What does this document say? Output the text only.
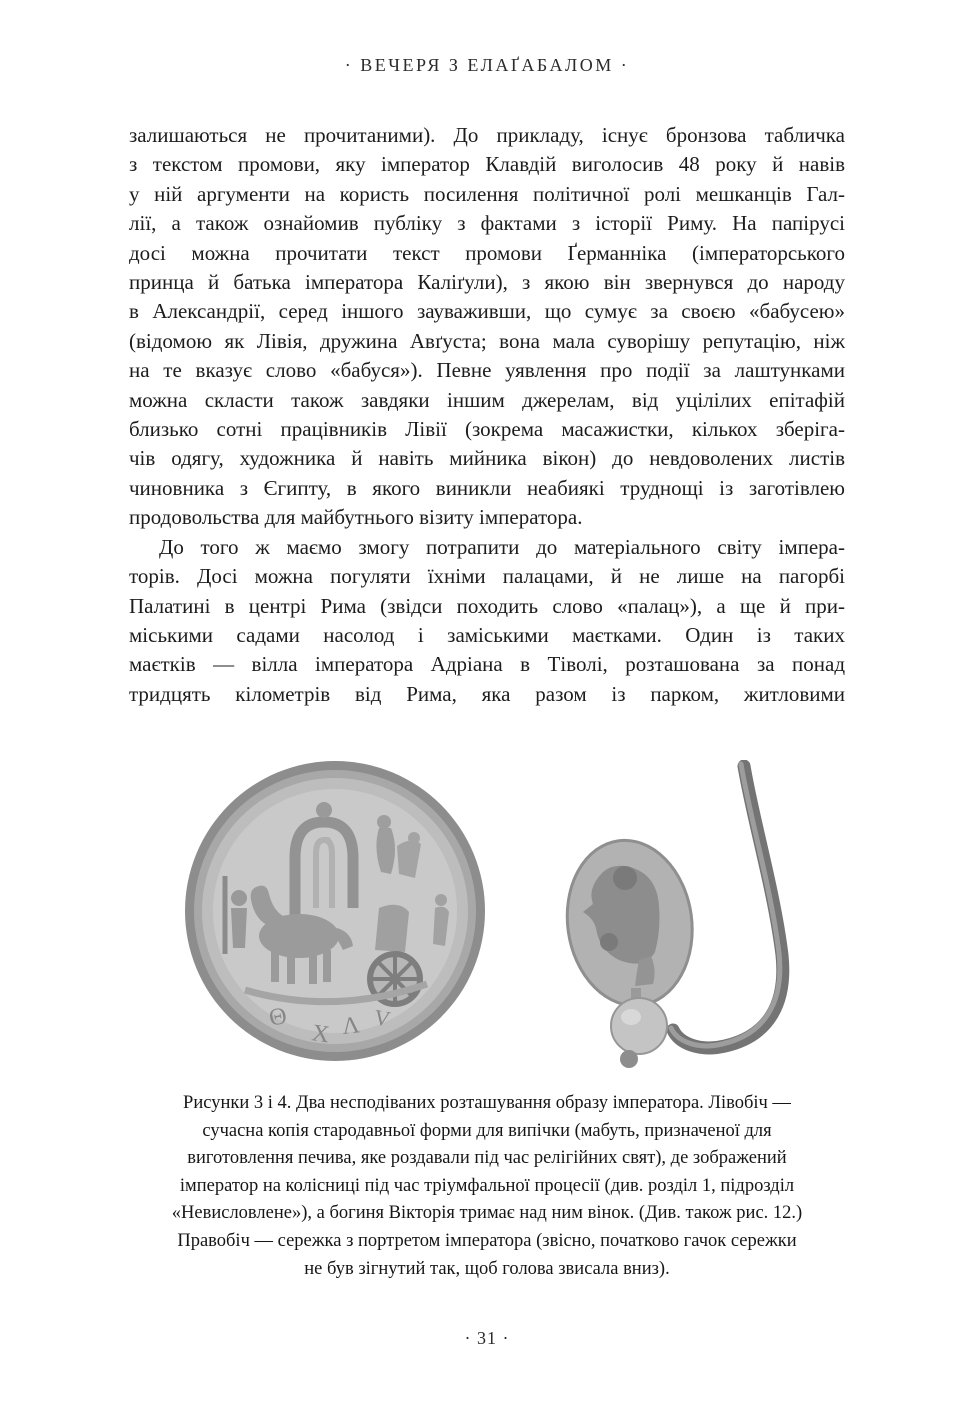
· ВЕЧЕРЯ З ЕЛАҐАБАЛОМ ·
залишаються не прочитаними). До прикладу, існує бронзова табличка
з текстом промови, яку імператор Клавдій виголосив 48 року й навів
у ній аргументи на користь посилення політичної ролі мешканців Гал-
лії, а також ознайомив публіку з фактами з історії Риму. На папірусі
досі можна прочитати текст промови Ґерманніка (імператорського
принца й батька імператора Каліґули), з якою він звернувся до народу
в Александрії, серед іншого зауваживши, що сумує за своєю «бабусею»
(відомою як Лівія, дружина Авґуста; вона мала суворішу репутацію, ніж
на те вказує слово «бабуся»). Певне уявлення про події за лаштунками
можна скласти також завдяки іншим джерелам, від уцілілих епітафій
близько сотні працівників Лівії (зокрема масажистки, кількох зберіга-
чів одягу, художника й навіть мийника вікон) до невдоволених листів
чиновника з Єгипту, в якого виникли неабиякі труднощі із заготівлею
продовольства для майбутнього візиту імператора.
До того ж маємо змогу потрапити до матеріального світу імпера-
торів. Досі можна погуляти їхніми палацами, й не лише на пагорбі
Палатині в центрі Рима (звідси походить слово «палац»), а ще й при-
міськими садами насолод і заміськими маєтками. Один із таких
маєтків — вілла імператора Адріана в Тіволі, розташована за понад
тридцять кілометрів від Рима, яка разом із парком, житловими
Θ
X Λ V
Рисунки 3 і 4. Два несподіваних розташування образу імператора. Лівобіч —
сучасна копія стародавньої форми для випічки (мабуть, призначеної для
виготовлення печива, яке роздавали під час релігійних свят), де зображений
імператор на колісниці під час тріумфальної процесії (див. розділ 1, підрозділ
«Невисловлене»), а богиня Вікторія тримає над ним вінок. (Див. також рис. 12.)
Правобіч — сережка з портретом імператора (звісно, початково гачок сережки
не був зігнутий так, щоб голова звисала вниз).
· 31 ·
